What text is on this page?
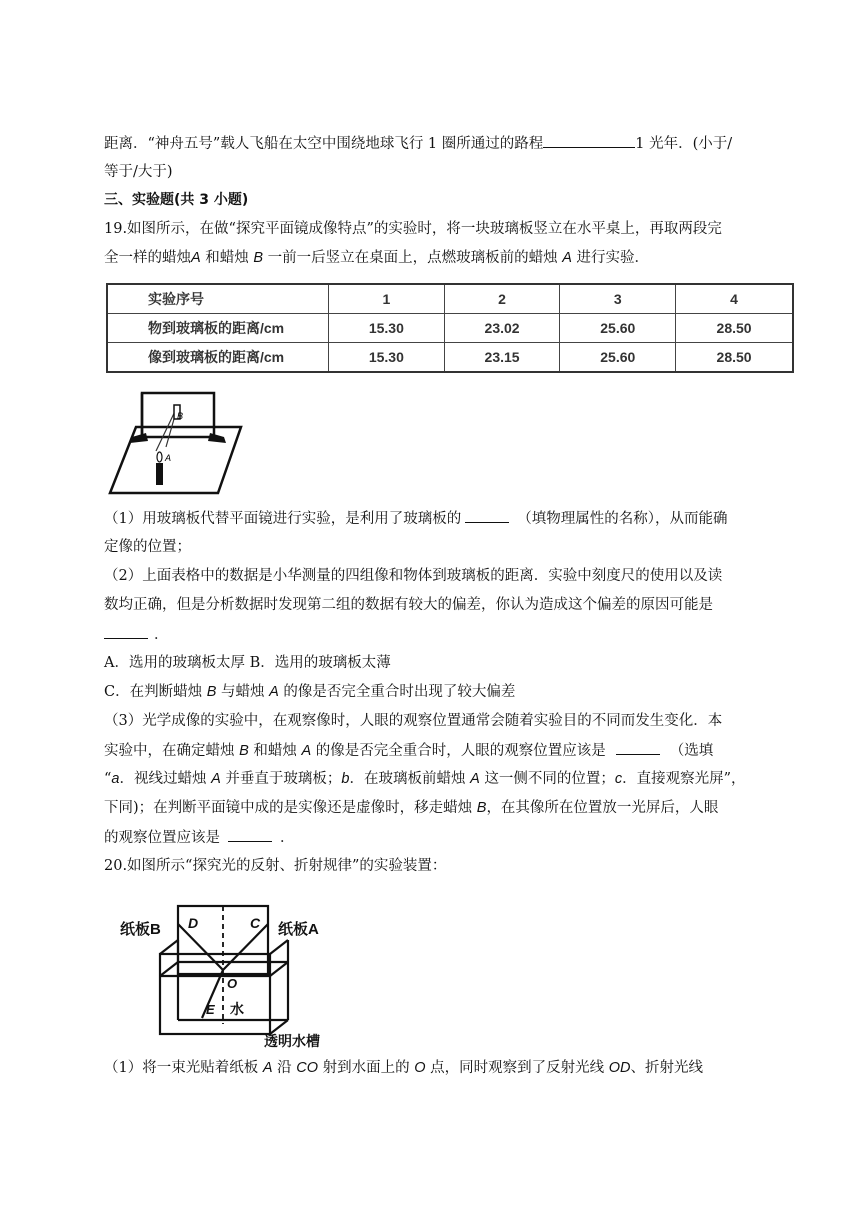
距离．“神舟五号”载人飞船在太空中围绕地球飞行 1 圈所通过的路程	1 光年．(小于/
等于/大于)
三、实验题(共 3 小题)
19.如图所示，在做“探究平面镜成像特点”的实验时，将一块玻璃板竖立在水平桌上，再取两段完
全一样的蜡烛A 和蜡烛 B 一前一后竖立在桌面上，点燃玻璃板前的蜡烛 A 进行实验．
实验序号	1	2	3	4
物到玻璃板的距离/cm	15.30	23.02	25.60	28.50
像到玻璃板的距离/cm	15.30	23.15	25.60	28.50
B
A
（1）用玻璃板代替平面镜进行实验，是利用了玻璃板的	（填物理属性的名称），从而能确
定像的位置；
（2）上面表格中的数据是小华测量的四组像和物体到玻璃板的距离．实验中刻度尺的使用以及读
数均正确，但是分析数据时发现第二组的数据有较大的偏差，你认为造成这个偏差的原因可能是
．
A．选用的玻璃板太厚 B．选用的玻璃板太薄
C．在判断蜡烛 B 与蜡烛 A 的像是否完全重合时出现了较大偏差
（3）光学成像的实验中，在观察像时，人眼的观察位置通常会随着实验目的不同而发生变化．本
实验中，在确定蜡烛 B 和蜡烛 A 的像是否完全重合时，人眼的观察位置应该是	（选填
“a．视线过蜡烛 A 并垂直于玻璃板；b．在玻璃板前蜡烛 A 这一侧不同的位置；c．直接观察光屏”，
下同)；在判断平面镜中成的是实像还是虚像时，移走蜡烛 B，在其像所在位置放一光屏后，人眼
的观察位置应该是	．
20.如图所示“探究光的反射、折射规律”的实验装置：
纸板B	纸板A
D	C
O
E 水
透明水槽
（1）将一束光贴着纸板 A 沿 CO 射到水面上的 O 点，同时观察到了反射光线 OD、折射光线
